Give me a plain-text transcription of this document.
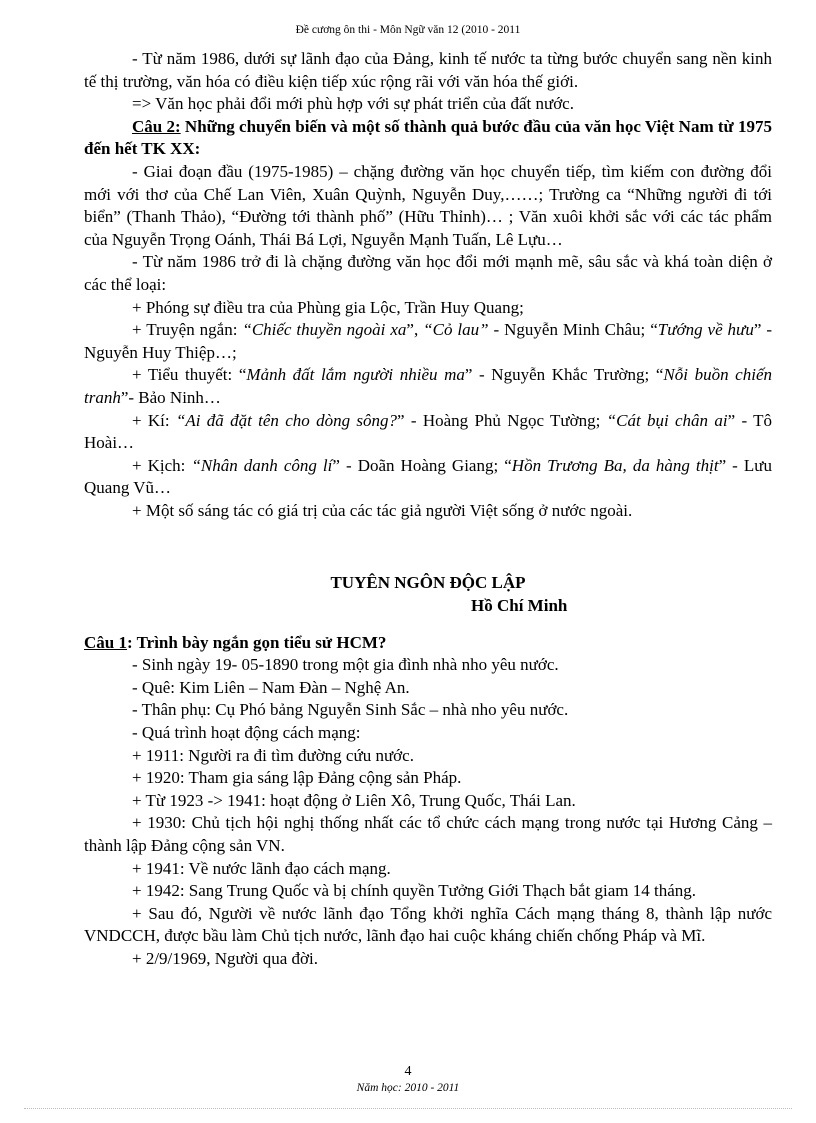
Đề cương ôn thi - Môn Ngữ văn 12 (2010 - 2011

- Từ năm 1986, dưới sự lãnh đạo của Đảng, kinh tế nước ta từng bước chuyển sang nền kinh tế thị trường, văn hóa có điều kiện tiếp xúc rộng rãi với văn hóa thế giới.

=> Văn học phải đổi mới phù hợp với sự phát triển của đất nước.

Câu 2: Những chuyển biến và một số thành quả bước đầu của văn học Việt Nam từ 1975 đến hết TK XX:

- Giai đoạn đầu (1975-1985) – chặng đường văn học chuyển tiếp, tìm kiếm con đường đổi mới với thơ của Chế Lan Viên, Xuân Quỳnh, Nguyễn Duy,……; Trường ca “Những người đi tới biển” (Thanh Thảo), “Đường tới thành phố” (Hữu Thỉnh)… ; Văn xuôi khởi sắc với các tác phẩm của Nguyễn Trọng Oánh, Thái Bá Lợi, Nguyễn Mạnh Tuấn, Lê Lựu…

- Từ năm 1986 trở đi là chặng đường văn học đổi mới mạnh mẽ, sâu sắc và khá toàn diện ở các thể loại:

+ Phóng sự điều tra của Phùng gia Lộc, Trần Huy Quang;

+ Truyện ngắn: “Chiếc thuyền ngoài xa”, “Cỏ lau” - Nguyễn Minh Châu; “Tướng về hưu” - Nguyễn Huy Thiệp…;

+ Tiểu thuyết: “Mảnh đất lắm người nhiều ma” - Nguyễn Khắc Trường; “Nỗi buồn chiến tranh”- Bảo Ninh…

+ Kí: “Ai đã đặt tên cho dòng sông?” - Hoàng Phủ Ngọc Tường; “Cát bụi chân ai” - Tô Hoài…

+ Kịch: “Nhân danh công lí” - Doãn Hoàng Giang; “Hồn Trương Ba, da hàng thịt” - Lưu Quang Vũ…

+ Một số sáng tác có giá trị của các tác giả người Việt sống ở nước ngoài.

TUYÊN NGÔN ĐỘC LẬP

Hồ Chí Minh

Câu 1: Trình bày ngắn gọn tiểu sử HCM?

- Sinh ngày 19- 05-1890 trong một gia đình nhà nho yêu nước.

- Quê: Kim Liên – Nam Đàn – Nghệ An.

- Thân phụ: Cụ Phó bảng Nguyễn Sinh Sắc – nhà nho yêu nước.

- Quá trình hoạt động cách mạng:

+ 1911: Người ra đi tìm đường cứu nước.

+ 1920: Tham gia sáng lập Đảng cộng sản Pháp.

+ Từ 1923 -> 1941: hoạt động ở Liên Xô, Trung Quốc, Thái Lan.

+ 1930: Chủ tịch hội nghị thống nhất các tổ chức cách mạng trong nước tại Hương Cảng – thành lập Đảng cộng sản VN.

+ 1941: Về nước lãnh đạo cách mạng.

+ 1942: Sang Trung Quốc và bị chính quyền Tưởng Giới Thạch bắt giam 14 tháng.

+ Sau đó, Người về nước lãnh đạo Tổng khởi nghĩa Cách mạng tháng 8, thành lập nước VNDCCH, được bầu làm Chủ tịch nước, lãnh đạo hai cuộc kháng chiến chống Pháp và Mĩ.

+ 2/9/1969, Người qua đời.

4
Năm học: 2010 - 2011
